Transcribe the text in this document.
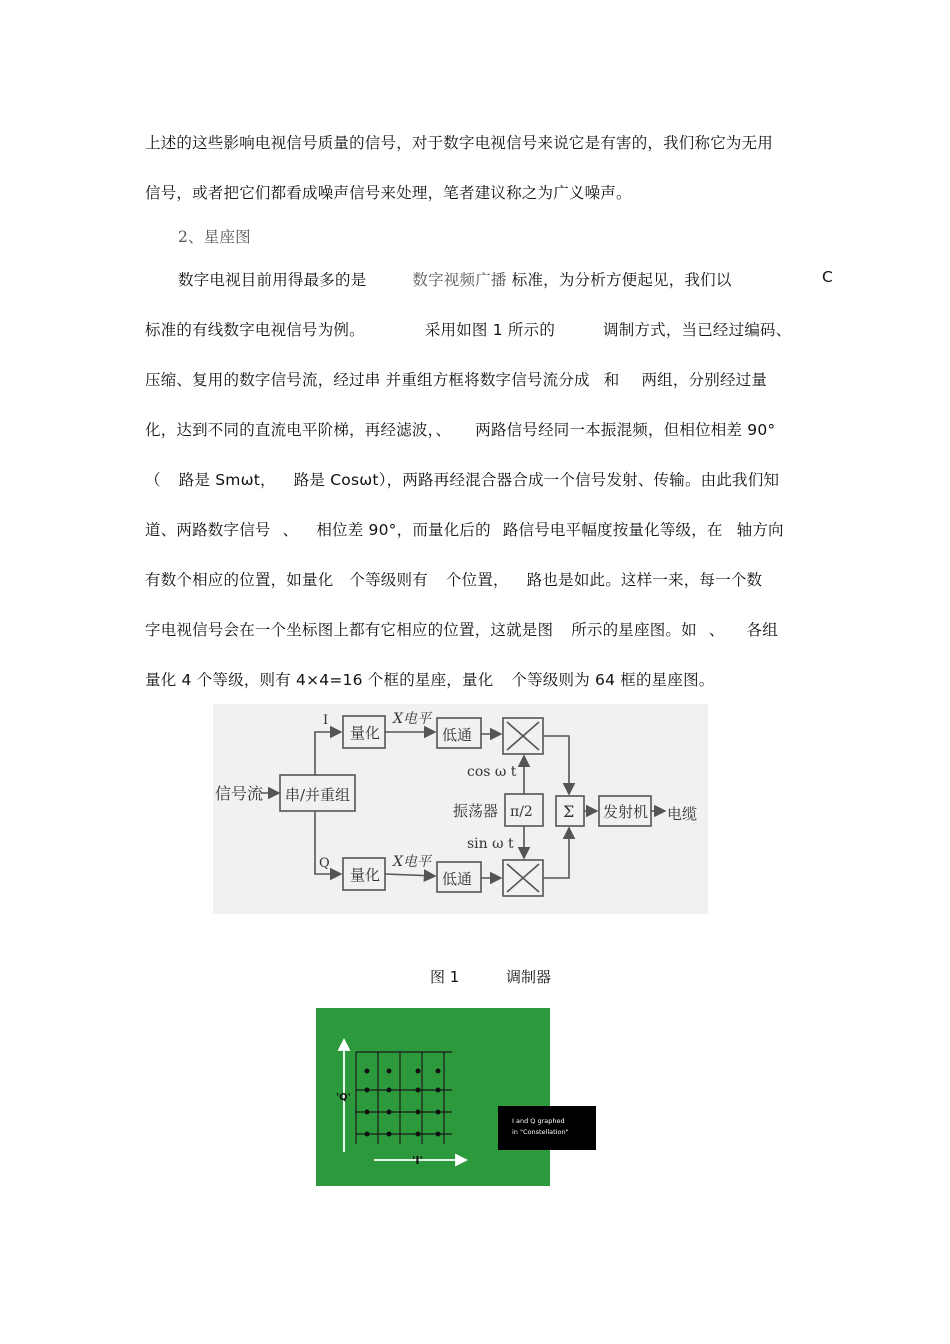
上述的这些影响电视信号质量的信号，对于数字电视信号来说它是有害的，我们称它为无用
信号，或者把它们都看成噪声信号来处理，笔者建议称之为广义噪声。
2、星座图
数字电视目前用得最多的是	数字视频广播 标准，为分析方便起见，我们以	C
标准的有线数字电视信号为例。	采用如图 1 所示的	调制方式，当已经过编码、
压缩、复用的数字信号流，经过串 并重组方框将数字信号流分成 和 两组，分别经过量
化，达到不同的直流电平阶梯，再经滤波，、 两路信号经同一本振混频，但相位相差 90°
（ 路是 Smωt， 路是 Cosωt），两路再经混合器合成一个信号发射、传输。由此我们知
道、两路数字信号 、 相位差 90°，而量化后的 路信号电平幅度按量化等级，在 轴方向
有数个相应的位置，如量化 个等级则有 个位置， 路也是如此。这样一来，每一个数
字电视信号会在一个坐标图上都有它相应的位置，这就是图 所示的星座图。如 、 各组
量化 4 个等级，则有 4×4=16 个框的星座，量化 个等级则为 64 框的星座图。
信号流 串/并重组
I
Q
量化
量化
X电平
X电平
低通
低通
cos ω t
sin ω t
振荡器 π/2 Σ 发射机 电缆
图 1	调制器
'Q'
'I'
I and Q graphed
in "Constellation"
